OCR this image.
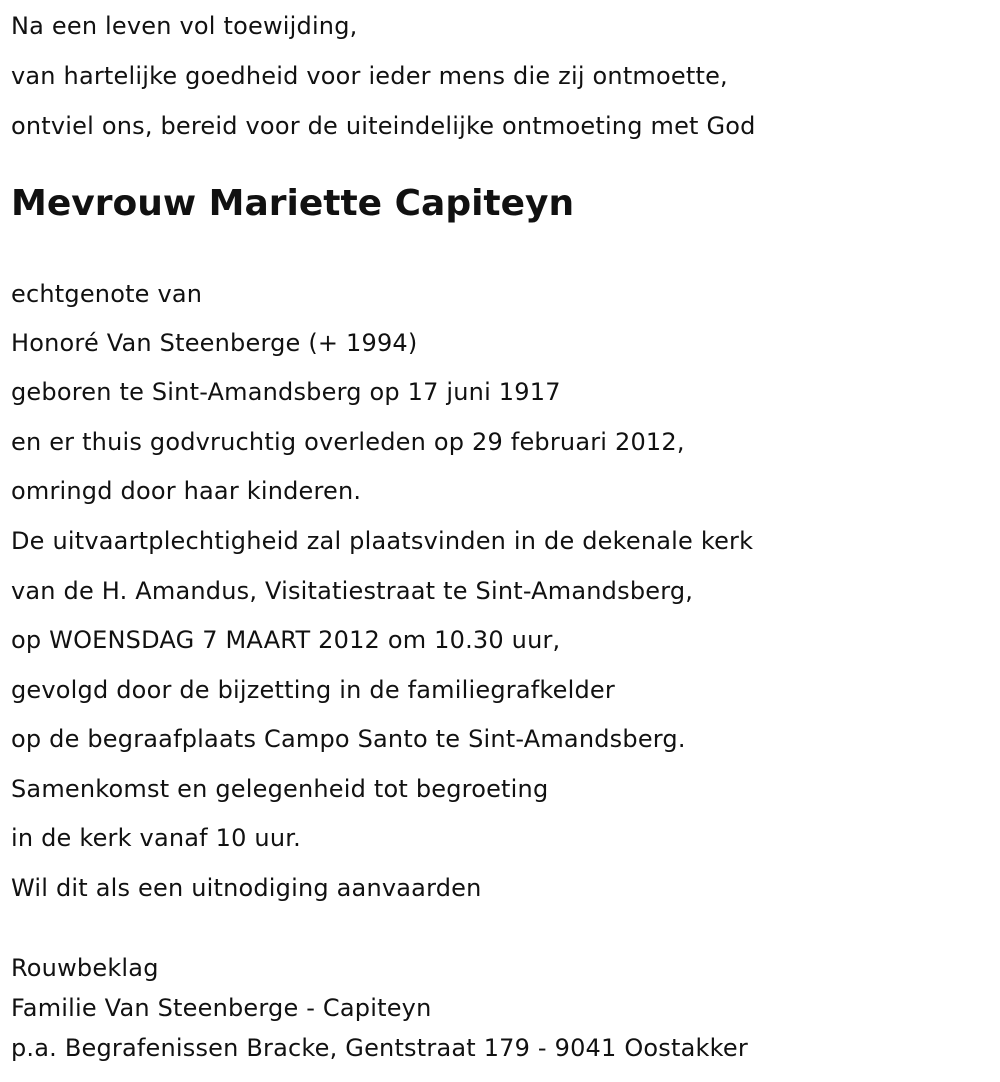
Na een leven vol toewijding,
van hartelijke goedheid voor ieder mens die zij ontmoette,
ontviel ons, bereid voor de uiteindelijke ontmoeting met God
Mevrouw Mariette Capiteyn
echtgenote van
Honoré Van Steenberge (+ 1994)
geboren te Sint-Amandsberg op 17 juni 1917
en er thuis godvruchtig overleden op 29 februari 2012,
omringd door haar kinderen.
De uitvaartplechtigheid zal plaatsvinden in de dekenale kerk
van de H. Amandus, Visitatiestraat te Sint-Amandsberg,
op WOENSDAG 7 MAART 2012 om 10.30 uur,
gevolgd door de bijzetting in de familiegrafkelder
op de begraafplaats Campo Santo te Sint-Amandsberg.
Samenkomst en gelegenheid tot begroeting
in de kerk vanaf 10 uur.
Wil dit als een uitnodiging aanvaarden
Rouwbeklag
Familie Van Steenberge - Capiteyn
p.a. Begrafenissen Bracke, Gentstraat 179 - 9041 Oostakker
